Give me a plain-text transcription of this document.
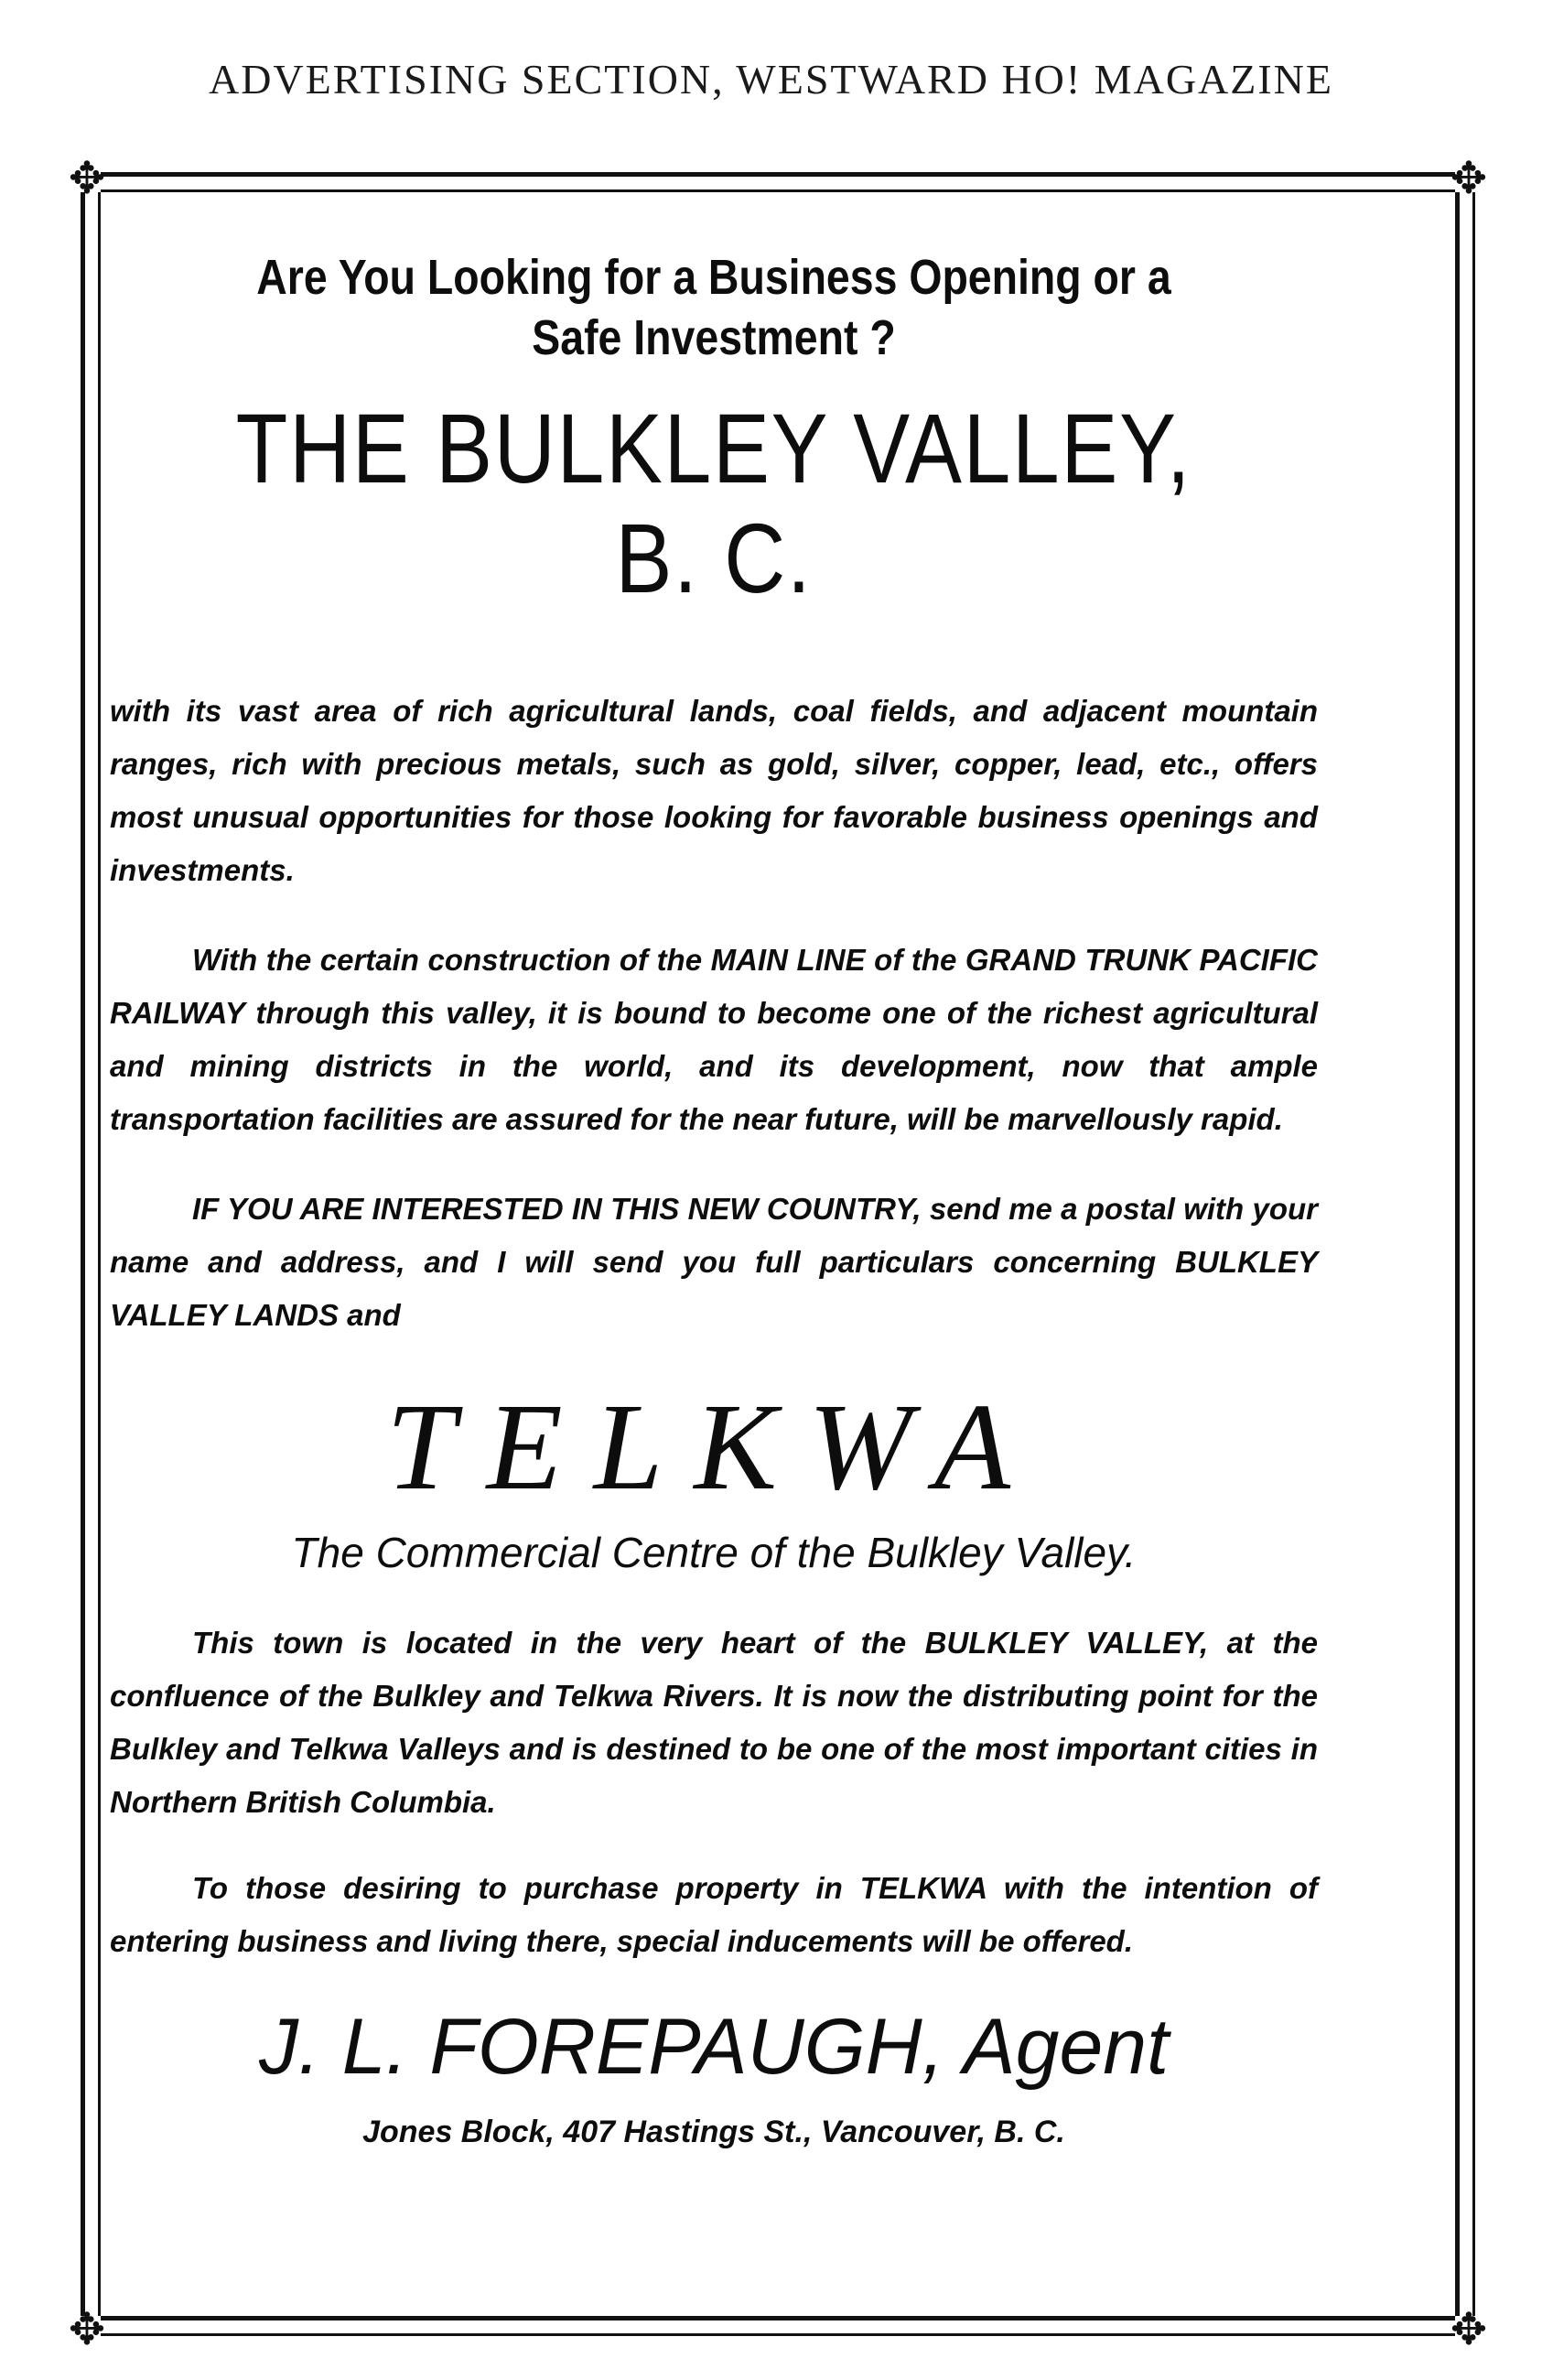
ADVERTISING SECTION, WESTWARD HO! MAGAZINE
✥	✥
✥	✥
Are You Looking for a Business Opening or a
Safe Investment ?
THE BULKLEY VALLEY, B. C.

with its vast area of rich agricultural lands, coal fields, and adjacent mountain ranges, rich with precious metals, such as gold, silver, copper, lead, etc., offers most unusual opportunities for those looking for favorable business openings and investments.

With the certain construction of the MAIN LINE of the GRAND TRUNK PACIFIC RAILWAY through this valley, it is bound to become one of the richest agricultural and mining districts in the world, and its development, now that ample transportation facilities are assured for the near future, will be marvellously rapid.

IF YOU ARE INTERESTED IN THIS NEW COUNTRY, send me a postal with your name and address, and I will send you full particulars concerning BULKLEY VALLEY LANDS and

TELKWA
The Commercial Centre of the Bulkley Valley.

This town is located in the very heart of the BULKLEY VALLEY, at the confluence of the Bulkley and Telkwa Rivers. It is now the distributing point for the Bulkley and Telkwa Valleys and is destined to be one of the most important cities in Northern British Columbia.

To those desiring to purchase property in TELKWA with the intention of entering business and living there, special inducements will be offered.

J. L. FOREPAUGH, Agent
Jones Block, 407 Hastings St., Vancouver, B. C.
